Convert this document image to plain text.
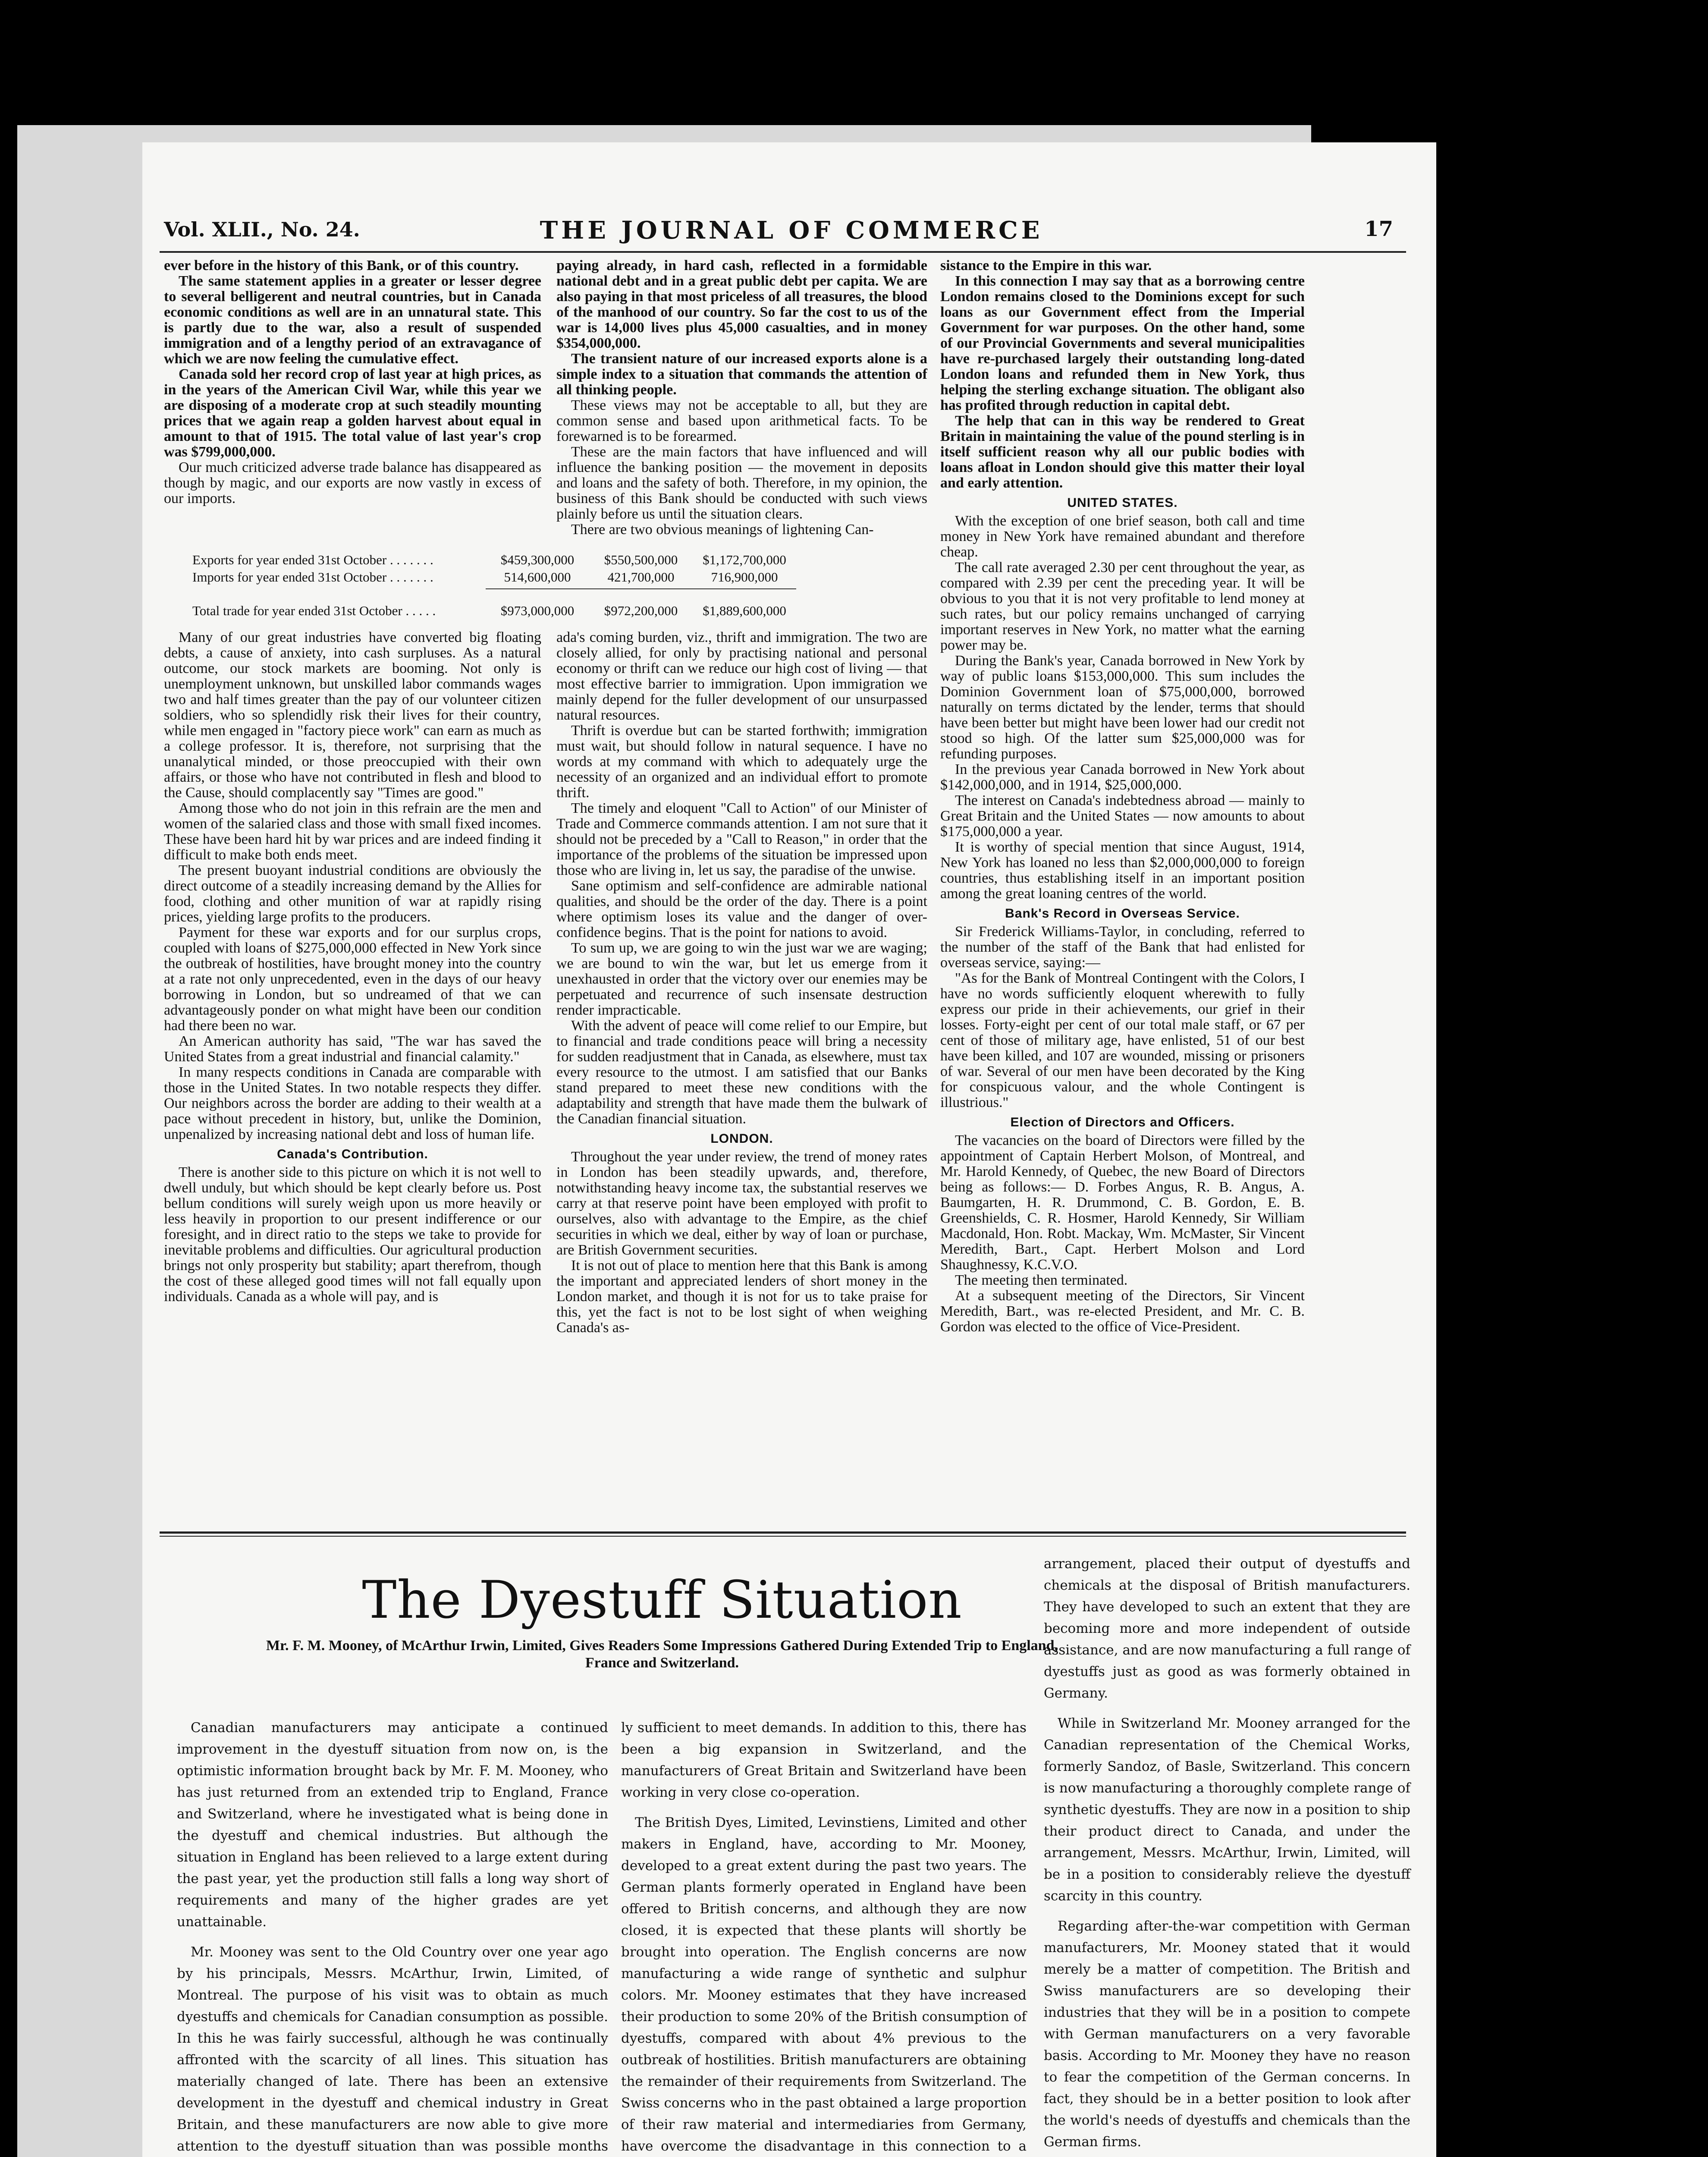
Vol. XLII., No. 24.	THE JOURNAL OF COMMERCE	17

ever before in the history of this Bank, or of this country.

The same statement applies in a greater or lesser degree to several belligerent and neutral countries, but in Canada economic conditions as well are in an unnatural state. This is partly due to the war, also a result of suspended immigration and of a lengthy period of an extravagance of which we are now feeling the cumulative effect.

Canada sold her record crop of last year at high prices, as in the years of the American Civil War, while this year we are disposing of a moderate crop at such steadily mounting prices that we again reap a golden harvest about equal in amount to that of 1915. The total value of last year's crop was $799,000,000.

Our much criticized adverse trade balance has disappeared as though by magic, and our exports are now vastly in excess of our imports.

Exports for year ended 31st October . . . . . . .	$459,300,000	$550,500,000	$1,172,700,000
Imports for year ended 31st October . . . . . . .	514,600,000	421,700,000	716,900,000
Total trade for year ended 31st October . . . . .	$973,000,000	$972,200,000	$1,889,600,000

Many of our great industries have converted big floating debts, a cause of anxiety, into cash surpluses. As a natural outcome, our stock markets are booming. Not only is unemployment unknown, but unskilled labor commands wages two and half times greater than the pay of our volunteer citizen soldiers, who so splendidly risk their lives for their country, while men engaged in "factory piece work" can earn as much as a college professor. It is, therefore, not surprising that the unanalytical minded, or those preoccupied with their own affairs, or those who have not contributed in flesh and blood to the Cause, should complacently say "Times are good."

Among those who do not join in this refrain are the men and women of the salaried class and those with small fixed incomes. These have been hard hit by war prices and are indeed finding it difficult to make both ends meet.

The present buoyant industrial conditions are obviously the direct outcome of a steadily increasing demand by the Allies for food, clothing and other munition of war at rapidly rising prices, yielding large profits to the producers.

Payment for these war exports and for our surplus crops, coupled with loans of $275,000,000 effected in New York since the outbreak of hostilities, have brought money into the country at a rate not only unprecedented, even in the days of our heavy borrowing in London, but so undreamed of that we can advantageously ponder on what might have been our condition had there been no war.

An American authority has said, "The war has saved the United States from a great industrial and financial calamity."

In many respects conditions in Canada are comparable with those in the United States. In two notable respects they differ. Our neighbors across the border are adding to their wealth at a pace without precedent in history, but, unlike the Dominion, unpenalized by increasing national debt and loss of human life.

Canada's Contribution.

There is another side to this picture on which it is not well to dwell unduly, but which should be kept clearly before us. Post bellum conditions will surely weigh upon us more heavily or less heavily in proportion to our present indifference or our foresight, and in direct ratio to the steps we take to provide for inevitable problems and difficulties. Our agricultural production brings not only prosperity but stability; apart therefrom, though the cost of these alleged good times will not fall equally upon individuals. Canada as a whole will pay, and is

paying already, in hard cash, reflected in a formidable national debt and in a great public debt per capita. We are also paying in that most priceless of all treasures, the blood of the manhood of our country. So far the cost to us of the war is 14,000 lives plus 45,000 casualties, and in money $354,000,000.

The transient nature of our increased exports alone is a simple index to a situation that commands the attention of all thinking people.

These views may not be acceptable to all, but they are common sense and based upon arithmetical facts. To be forewarned is to be forearmed.

These are the main factors that have influenced and will influence the banking position — the movement in deposits and loans and the safety of both. Therefore, in my opinion, the business of this Bank should be conducted with such views plainly before us until the situation clears.

There are two obvious meanings of lightening Can-

ada's coming burden, viz., thrift and immigration. The two are closely allied, for only by practising national and personal economy or thrift can we reduce our high cost of living — that most effective barrier to immigration. Upon immigration we mainly depend for the fuller development of our unsurpassed natural resources.

Thrift is overdue but can be started forthwith; immigration must wait, but should follow in natural sequence. I have no words at my command with which to adequately urge the necessity of an organized and an individual effort to promote thrift.

The timely and eloquent "Call to Action" of our Minister of Trade and Commerce commands attention. I am not sure that it should not be preceded by a "Call to Reason," in order that the importance of the problems of the situation be impressed upon those who are living in, let us say, the paradise of the unwise.

Sane optimism and self-confidence are admirable national qualities, and should be the order of the day. There is a point where optimism loses its value and the danger of over-confidence begins. That is the point for nations to avoid.

To sum up, we are going to win the just war we are waging; we are bound to win the war, but let us emerge from it unexhausted in order that the victory over our enemies may be perpetuated and recurrence of such insensate destruction render impracticable.

With the advent of peace will come relief to our Empire, but to financial and trade conditions peace will bring a necessity for sudden readjustment that in Canada, as elsewhere, must tax every resource to the utmost. I am satisfied that our Banks stand prepared to meet these new conditions with the adaptability and strength that have made them the bulwark of the Canadian financial situation.

LONDON.

Throughout the year under review, the trend of money rates in London has been steadily upwards, and, therefore, notwithstanding heavy income tax, the substantial reserves we carry at that reserve point have been employed with profit to ourselves, also with advantage to the Empire, as the chief securities in which we deal, either by way of loan or purchase, are British Government securities.

It is not out of place to mention here that this Bank is among the important and appreciated lenders of short money in the London market, and though it is not for us to take praise for this, yet the fact is not to be lost sight of when weighing Canada's as-

sistance to the Empire in this war.

In this connection I may say that as a borrowing centre London remains closed to the Dominions except for such loans as our Government effect from the Imperial Government for war purposes. On the other hand, some of our Provincial Governments and several municipalities have re-purchased largely their outstanding long-dated London loans and refunded them in New York, thus helping the sterling exchange situation. The obligant also has profited through reduction in capital debt.

The help that can in this way be rendered to Great Britain in maintaining the value of the pound sterling is in itself sufficient reason why all our public bodies with loans afloat in London should give this matter their loyal and early attention.

UNITED STATES.

With the exception of one brief season, both call and time money in New York have remained abundant and therefore cheap.

The call rate averaged 2.30 per cent throughout the year, as compared with 2.39 per cent the preceding year. It will be obvious to you that it is not very profitable to lend money at such rates, but our policy remains unchanged of carrying important reserves in New York, no matter what the earning power may be.

During the Bank's year, Canada borrowed in New York by way of public loans $153,000,000. This sum includes the Dominion Government loan of $75,000,000, borrowed naturally on terms dictated by the lender, terms that should have been better but might have been lower had our credit not stood so high. Of the latter sum $25,000,000 was for refunding purposes.

In the previous year Canada borrowed in New York about $142,000,000, and in 1914, $25,000,000.

The interest on Canada's indebtedness abroad — mainly to Great Britain and the United States — now amounts to about $175,000,000 a year.

It is worthy of special mention that since August, 1914, New York has loaned no less than $2,000,000,000 to foreign countries, thus establishing itself in an important position among the great loaning centres of the world.

Bank's Record in Overseas Service.

Sir Frederick Williams-Taylor, in concluding, referred to the number of the staff of the Bank that had enlisted for overseas service, saying:—

"As for the Bank of Montreal Contingent with the Colors, I have no words sufficiently eloquent wherewith to fully express our pride in their achievements, our grief in their losses. Forty-eight per cent of our total male staff, or 67 per cent of those of military age, have enlisted, 51 of our best have been killed, and 107 are wounded, missing or prisoners of war. Several of our men have been decorated by the King for conspicuous valour, and the whole Contingent is illustrious."

Election of Directors and Officers.

The vacancies on the board of Directors were filled by the appointment of Captain Herbert Molson, of Montreal, and Mr. Harold Kennedy, of Quebec, the new Board of Directors being as follows:— D. Forbes Angus, R. B. Angus, A. Baumgarten, H. R. Drummond, C. B. Gordon, E. B. Greenshields, C. R. Hosmer, Harold Kennedy, Sir William Macdonald, Hon. Robt. Mackay, Wm. McMaster, Sir Vincent Meredith, Bart., Capt. Herbert Molson and Lord Shaughnessy, K.C.V.O.

The meeting then terminated.

At a subsequent meeting of the Directors, Sir Vincent Meredith, Bart., was re-elected President, and Mr. C. B. Gordon was elected to the office of Vice-President.

The Dyestuff Situation
Mr. F. M. Mooney, of McArthur Irwin, Limited, Gives Readers Some Impressions Gathered During Extended Trip to England, France and Switzerland.

Canadian manufacturers may anticipate a continued improvement in the dyestuff situation from now on, is the optimistic information brought back by Mr. F. M. Mooney, who has just returned from an extended trip to England, France and Switzerland, where he investigated what is being done in the dyestuff and chemical industries. But although the situation in England has been relieved to a large extent during the past year, yet the production still falls a long way short of requirements and many of the higher grades are yet unattainable.

Mr. Mooney was sent to the Old Country over one year ago by his principals, Messrs. McArthur, Irwin, Limited, of Montreal. The purpose of his visit was to obtain as much dyestuffs and chemicals for Canadian consumption as possible. In this he was fairly successful, although he was continually affronted with the scarcity of all lines. This situation has materially changed of late. There has been an extensive development in the dyestuff and chemical industry in Great Britain, and these manufacturers are now able to give more attention to the dyestuff situation than was possible months

ly sufficient to meet demands. In addition to this, there has been a big expansion in Switzerland, and the manufacturers of Great Britain and Switzerland have been working in very close co-operation.

The British Dyes, Limited, Levinstiens, Limited and other makers in England, have, according to Mr. Mooney, developed to a great extent during the past two years. The German plants formerly operated in England have been offered to British concerns, and although they are now closed, it is expected that these plants will shortly be brought into operation. The English concerns are now manufacturing a wide range of synthetic and sulphur colors. Mr. Mooney estimates that they have increased their production to some 20% of the British consumption of dyestuffs, compared with about 4% previous to the outbreak of hostilities. British manufacturers are obtaining the remainder of their requirements from Switzerland. The Swiss concerns who in the past obtained a large proportion of their raw material and intermediaries from Germany, have overcome the disadvantage in this connection to a

arrangement, placed their output of dyestuffs and chemicals at the disposal of British manufacturers. They have developed to such an extent that they are becoming more and more independent of outside assistance, and are now manufacturing a full range of dyestuffs just as good as was formerly obtained in Germany.

While in Switzerland Mr. Mooney arranged for the Canadian representation of the Chemical Works, formerly Sandoz, of Basle, Switzerland. This concern is now manufacturing a thoroughly complete range of synthetic dyestuffs. They are now in a position to ship their product direct to Canada, and under the arrangement, Messrs. McArthur, Irwin, Limited, will be in a position to considerably relieve the dyestuff scarcity in this country.

Regarding after-the-war competition with German manufacturers, Mr. Mooney stated that it would merely be a matter of competition. The British and Swiss manufacturers are so developing their industries that they will be in a position to compete with German manufacturers on a very favorable basis. According to Mr. Mooney they have no reason to fear the competition of the German concerns. In fact, they should be in a better position to look after the world's needs of dyestuffs and chemicals than the German firms.
